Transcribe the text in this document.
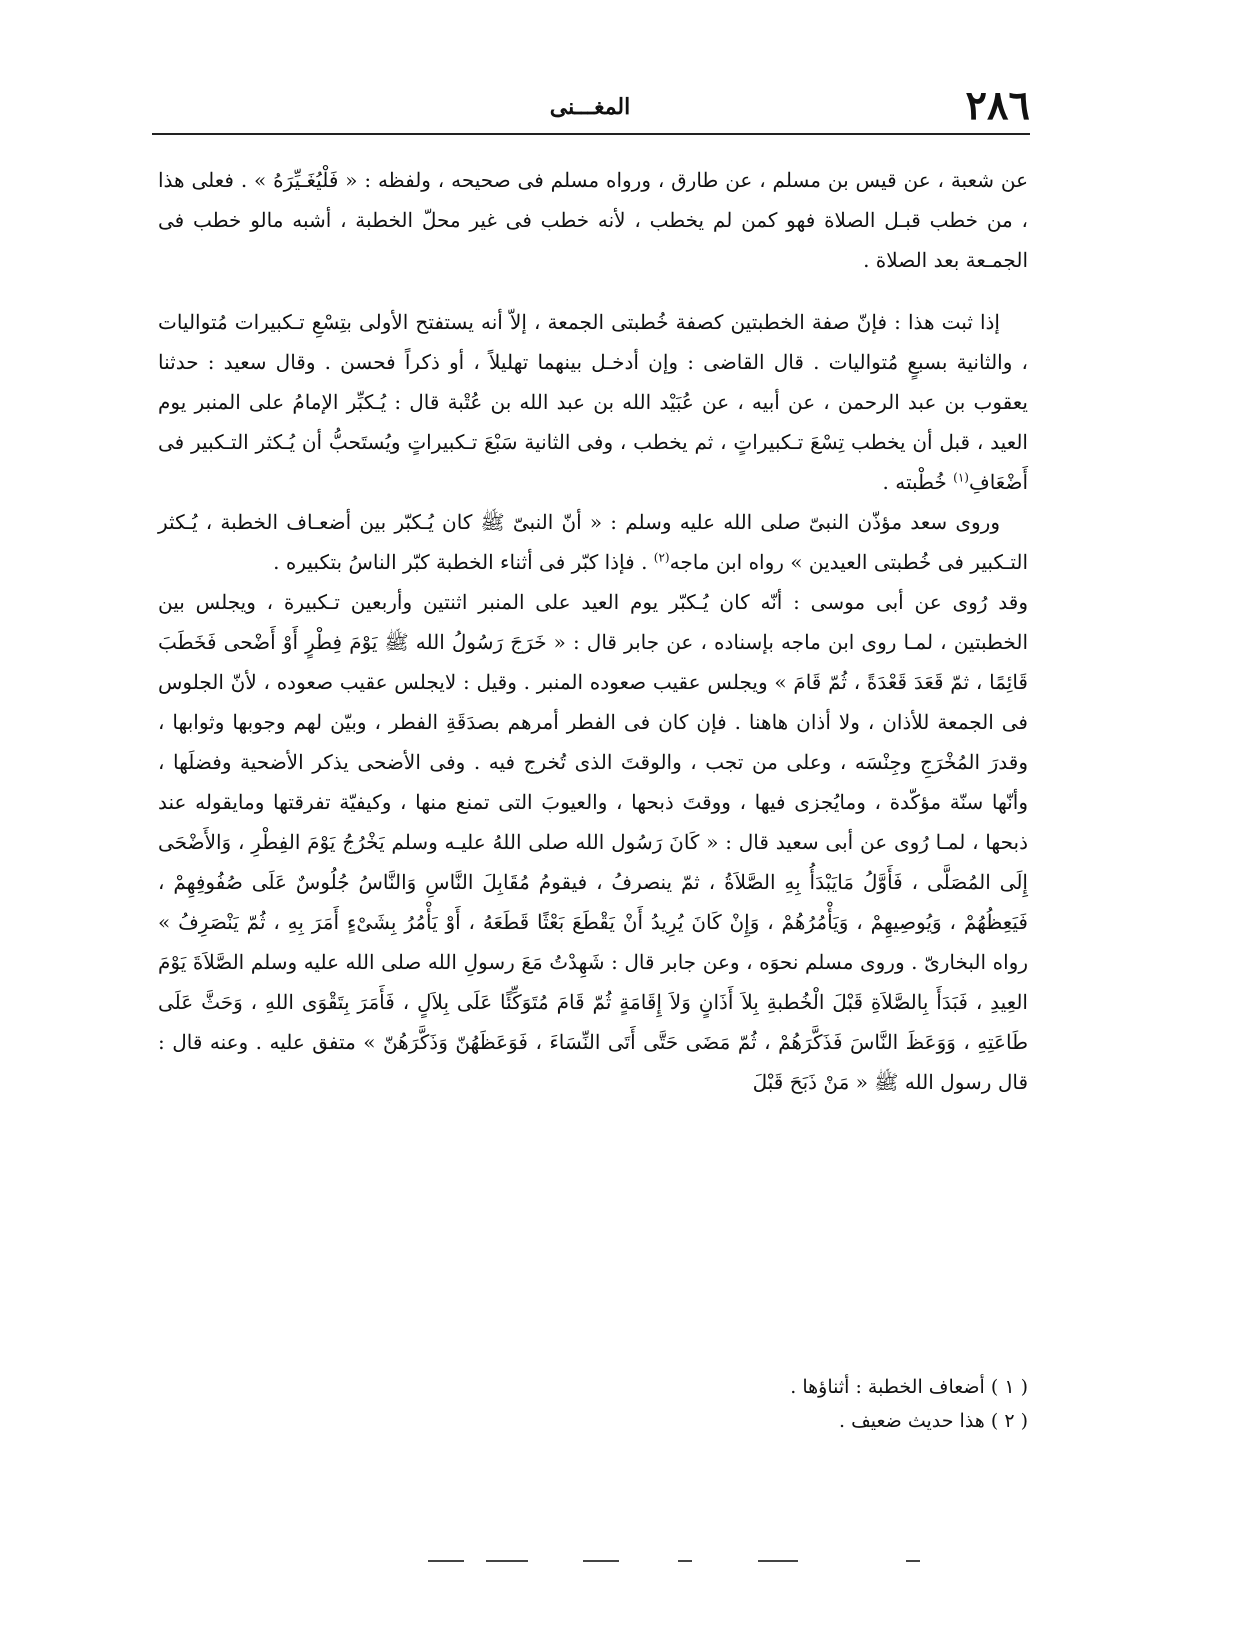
٢٨٦
المغـــنى

عن شعبة ، عن قيس بن مسلم ، عن طارق ، ورواه مسلم فى صحيحه ، ولفظه : « فَلْيُغَـيِّرَهُ » . فعلى هذا ، من خطب قبـل الصلاة فهو كمن لم يخطب ، لأنه خطب فى غير محلّ الخطبة ، أشبه مالو خطب فى الجمـعة بعد الصلاة .

إذا ثبت هذا : فإنّ صفة الخطبتين كصفة خُطبتى الجمعة ، إلاّ أنه يستفتح الأولى بتِسْعِ تـكبيرات مُتواليات ، والثانية بسبعٍ مُتواليات . قال القاضى : وإن أدخـل بينهما تهليلاً ، أو ذكراً فحسن . وقال سعيد : حدثنا يعقوب بن عبد الرحمن ، عن أبيه ، عن عُبَيْد الله بن عبد الله بن عُتْبة قال : يُـكبِّر الإمامُ على المنبر يوم العيد ، قبل أن يخطب تِسْعَ تـكبيراتٍ ، ثم يخطب ، وفى الثانية سَبْعَ تـكبيراتٍ ويُستَحبُّ أن يُـكثر التـكبير فى أَضْعَافِ$^{(١)}$ خُطْبته .

وروى سعد مؤذّن النبىّ صلى الله عليه وسلم : « أنّ النبىّ ﷺ كان يُـكبّر بين أضعـاف الخطبة ، يُـكثر التـكبير فى خُطبتى العيدين » رواه ابن ماجه$^{(٢)}$ . فإذا كبّر فى أثناء الخطبة كبّر الناسُ بتكبيره .

وقد رُوى عن أبى موسى : أنّه كان يُـكبّر يوم العيد على المنبر اثنتين وأربعين تـكبيرة ، ويجلس بين الخطبتين ، لمـا روى ابن ماجه بإسناده ، عن جابر قال : « خَرَجَ رَسُولُ الله ﷺ يَوْمَ فِطْرٍ أَوْ أَضْحى فَخَطَبَ قَائِمًا ، ثمّ قَعَدَ قَعْدَةً ، ثُمّ قَامَ » ويجلس عقيب صعوده المنبر . وقيل : لايجلس عقيب صعوده ، لأنّ الجلوس فى الجمعة للأذان ، ولا أذان هاهنا . فإن كان فى الفطر أمرهم بصدَقَةِ الفطر ، وبيّن لهم وجوبها وثوابها ، وقدرَ المُخْرَجِ وجِنْسَه ، وعلى من تجب ، والوقتَ الذى تُخرج فيه . وفى الأضحى يذكر الأضحية وفضلَها ، وأنّها سنّة مؤكّدة ، ومايُجزى فيها ، ووقتَ ذبحها ، والعيوبَ التى تمنع منها ، وكيفيّة تفرقتها ومايقوله عند ذبحها ، لمـا رُوى عن أبى سعيد قال : « كَانَ رَسُول الله صلى اللهُ عليـه وسلم يَخْرُجُ يَوْمَ الفِطْرِ ، وَالأَضْحَى إِلَى المُصَلَّى ، فَأَوَّلُ مَايَبْدَأُ بِهِ الصَّلاَةُ ، ثمّ ينصرفُ ، فيقومُ مُقَابِلَ النَّاسِ وَالنَّاسُ جُلُوسٌ عَلَى صُفُوفِهِمْ ، فَيَعِظُهُمْ ، وَيُوصِيهِمْ ، وَيَأْمُرُهُمْ ، وَإِنْ كَانَ يُرِيدُ أَنْ يَقْطَعَ بَعْثًا قَطَعَهُ ، أَوْ يَأْمُرُ بِشَىْءٍ أَمَرَ بِهِ ، ثُمّ يَنْصَرِفُ » رواه البخارىّ . وروى مسلم نحوَه ، وعن جابر قال : شَهِدْتُ مَعَ رسولِ الله صلى الله عليه وسلم الصَّلاَةَ يَوْمَ العِيدِ ، فَبَدَأَ بِالصَّلاَةِ قَبْلَ الْخُطبةِ بِلاَ أَذَانٍ وَلاَ إِقَامَةٍ ثُمّ قَامَ مُتَوَكِّئًا عَلَى بِلاَلٍ ، فَأَمَرَ بِتَقْوَى اللهِ ، وَحَثَّ عَلَى طَاعَتِهِ ، وَوَعَظَ النَّاسَ فَذَكَّرَهُمْ ، ثُمّ مَضَى حَتَّى أَتَى النِّسَاءَ ، فَوَعَظَهُنّ وَذَكَّرَهُنّ » متفق عليه . وعنه قال : قال رسول الله ﷺ « مَنْ ذَبَحَ قَبْلَ

( ١ ) أضعاف الخطبة : أثناؤها .
( ٢ ) هذا حديث ضعيف .
